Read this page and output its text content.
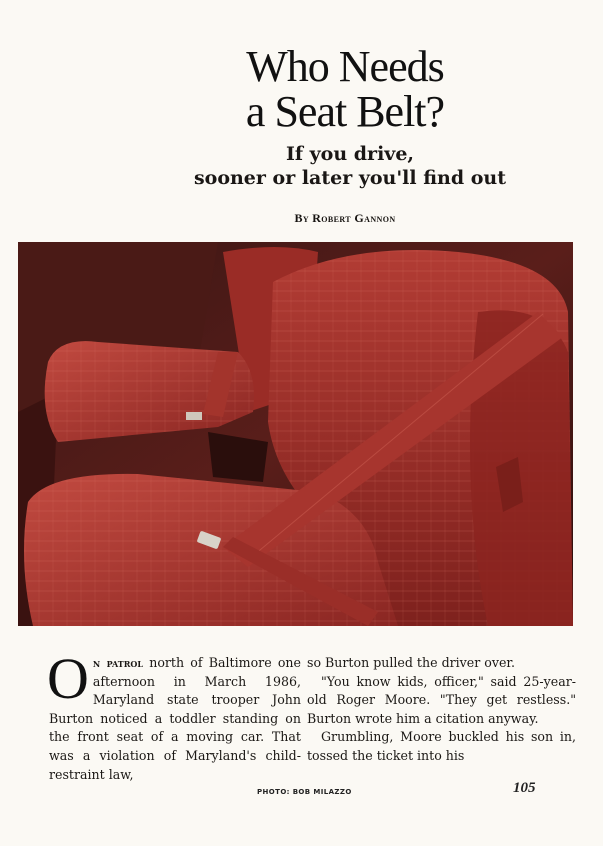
Who Needs
a Seat Belt?
If you drive,
sooner or later you'll find out
By Robert Gannon
On patrol north of Baltimore one afternoon in March 1986, Maryland state trooper John Burton noticed a toddler standing on the front seat of a moving car. That was a violation of Maryland's child-restraint law,
so Burton pulled the driver over.
"You know kids, officer," said 25-year-old Roger Moore. "They get restless." Burton wrote him a citation anyway.
Grumbling, Moore buckled his son in, tossed the ticket into his
PHOTO: BOB MILAZZO	105
